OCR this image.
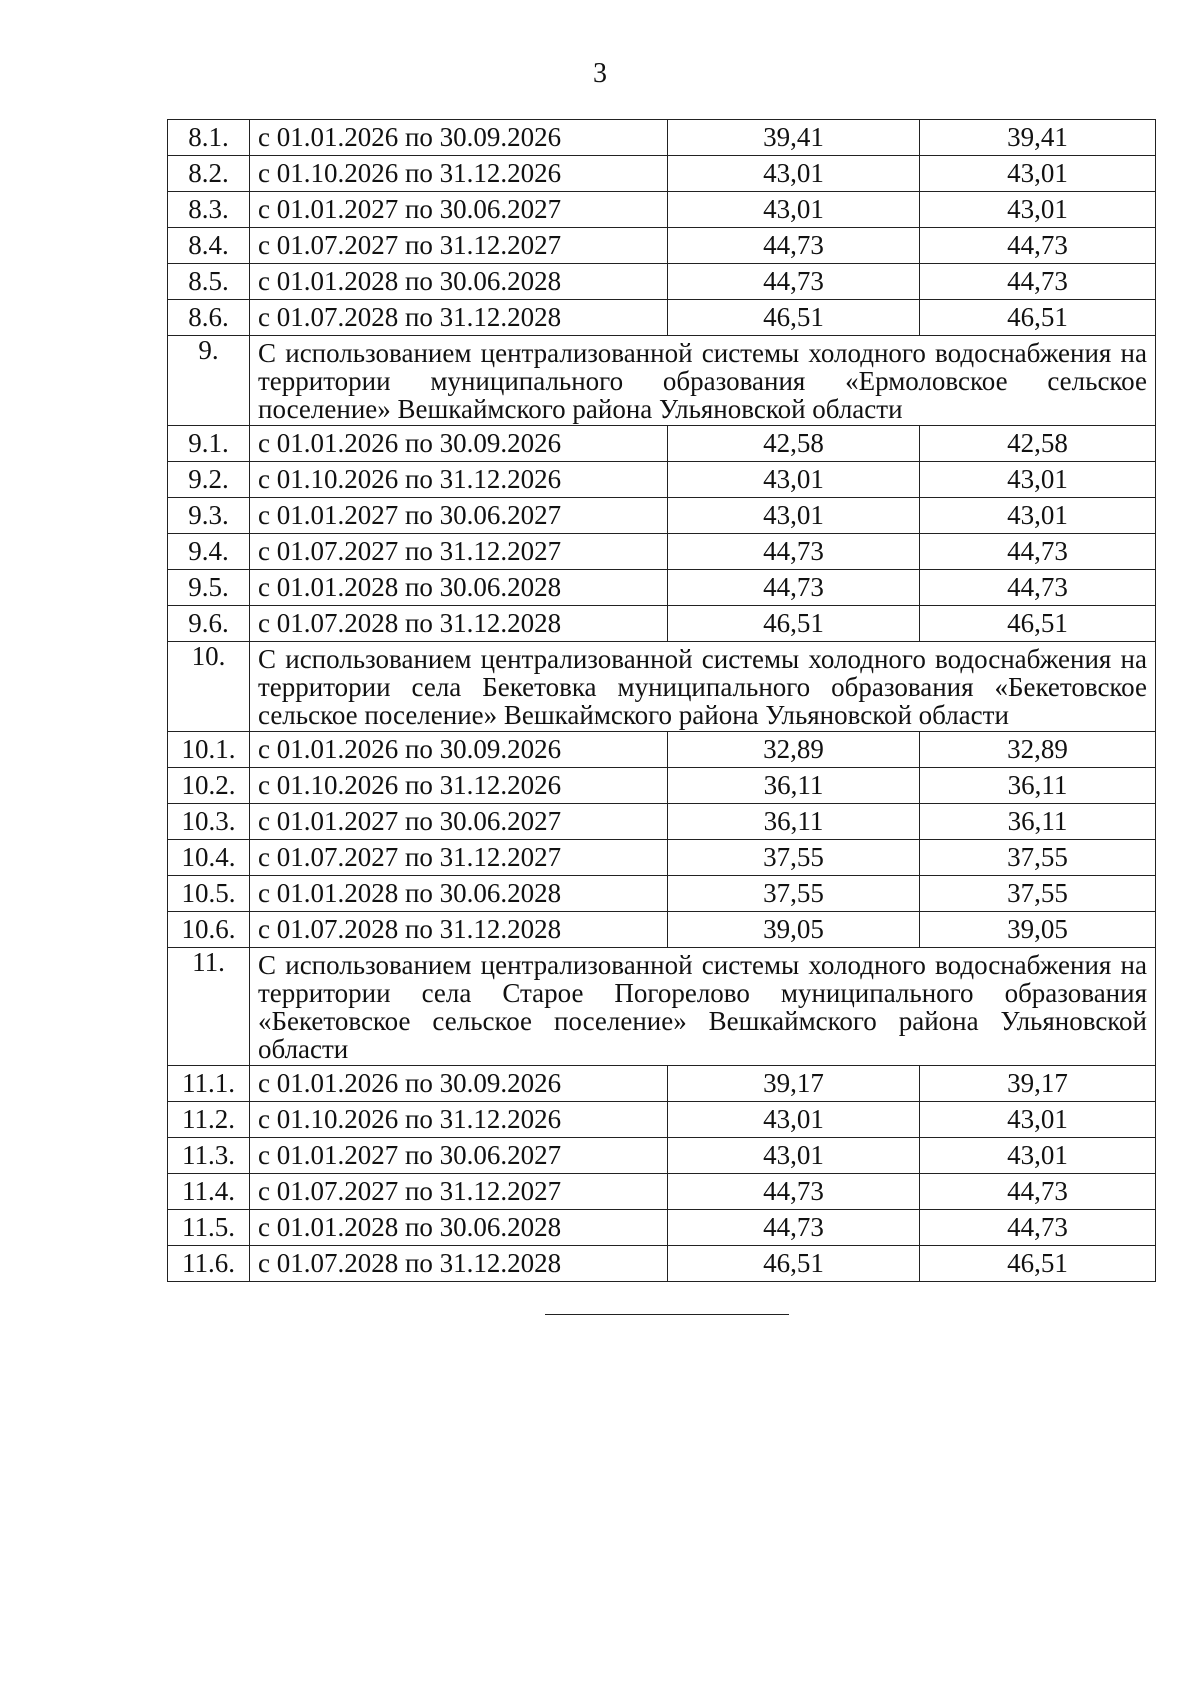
3
8.1.	с 01.01.2026 по 30.09.2026	39,41	39,41
8.2.	с 01.10.2026 по 31.12.2026	43,01	43,01
8.3.	с 01.01.2027 по 30.06.2027	43,01	43,01
8.4.	с 01.07.2027 по 31.12.2027	44,73	44,73
8.5.	с 01.01.2028 по 30.06.2028	44,73	44,73
8.6.	с 01.07.2028 по 31.12.2028	46,51	46,51
9.	С использованием централизованной системы холодного водоснабжения на территории муниципального образования «Ермоловское сельское поселение» Вешкаймского района Ульяновской области		
9.1.	с 01.01.2026 по 30.09.2026	42,58	42,58
9.2.	с 01.10.2026 по 31.12.2026	43,01	43,01
9.3.	с 01.01.2027 по 30.06.2027	43,01	43,01
9.4.	с 01.07.2027 по 31.12.2027	44,73	44,73
9.5.	с 01.01.2028 по 30.06.2028	44,73	44,73
9.6.	с 01.07.2028 по 31.12.2028	46,51	46,51
10.	С использованием централизованной системы холодного водоснабжения на территории села Бекетовка муниципального образования «Бекетовское сельское поселение» Вешкаймского района Ульяновской области		
10.1.	с 01.01.2026 по 30.09.2026	32,89	32,89
10.2.	с 01.10.2026 по 31.12.2026	36,11	36,11
10.3.	с 01.01.2027 по 30.06.2027	36,11	36,11
10.4.	с 01.07.2027 по 31.12.2027	37,55	37,55
10.5.	с 01.01.2028 по 30.06.2028	37,55	37,55
10.6.	с 01.07.2028 по 31.12.2028	39,05	39,05
11.	С использованием централизованной системы холодного водоснабжения на территории села Старое Погорелово муниципального образования «Бекетовское сельское поселение» Вешкаймского района Ульяновской области		
11.1.	с 01.01.2026 по 30.09.2026	39,17	39,17
11.2.	с 01.10.2026 по 31.12.2026	43,01	43,01
11.3.	с 01.01.2027 по 30.06.2027	43,01	43,01
11.4.	с 01.07.2027 по 31.12.2027	44,73	44,73
11.5.	с 01.01.2028 по 30.06.2028	44,73	44,73
11.6.	с 01.07.2028 по 31.12.2028	46,51	46,51
